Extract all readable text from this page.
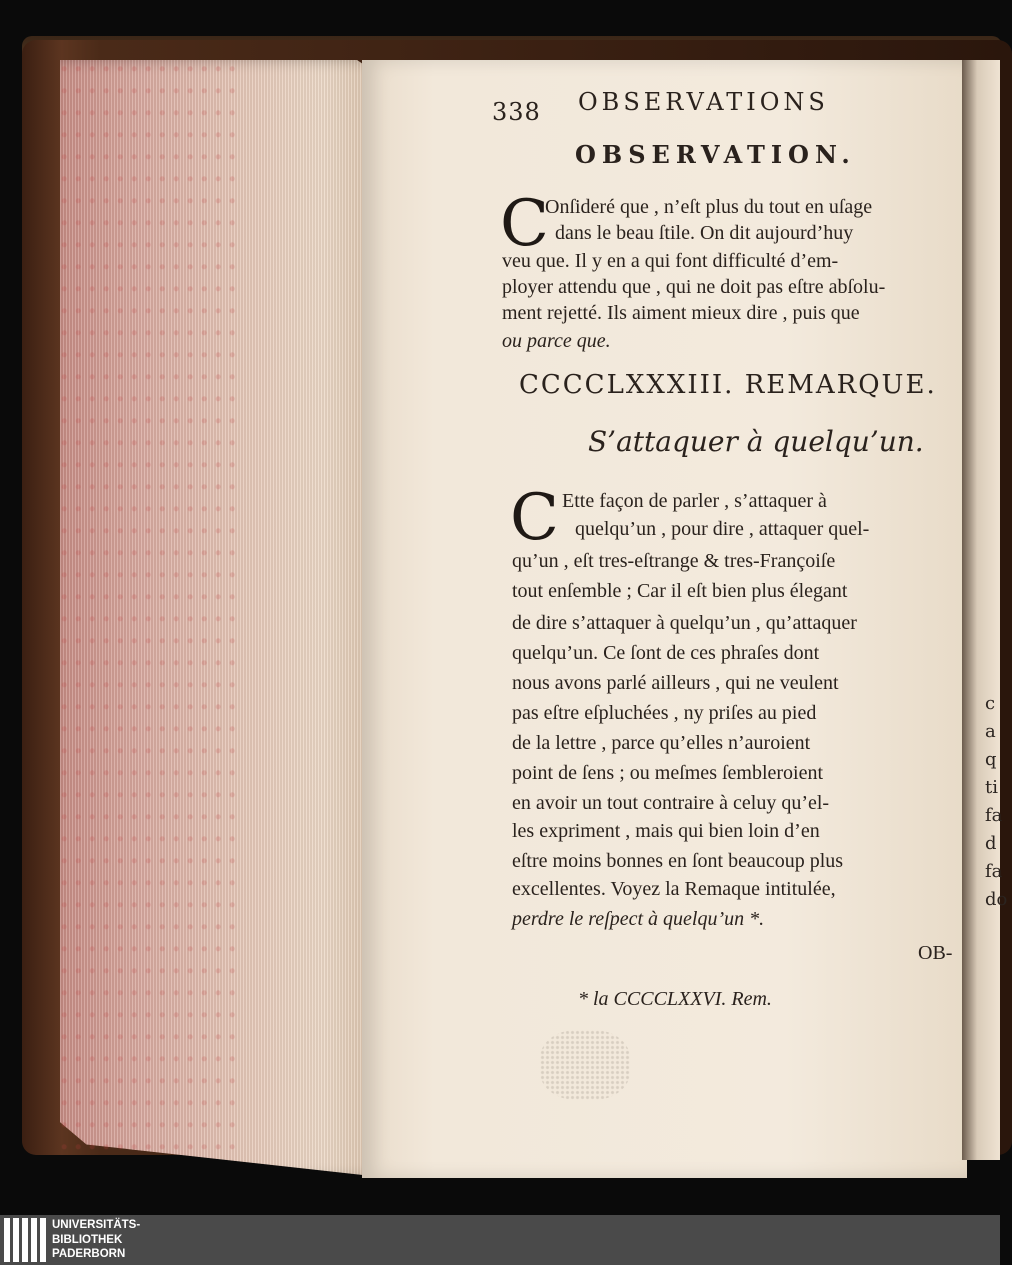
c
a
q
ti
fa
d
fa
do
338 OBSERVATIONS
OBSERVATION.
C
Onſideré que , n’eſt plus du tout en uſage
dans le beau ſtile. On dit aujourd’huy
veu que. Il y en a qui font difficulté d’em-
ployer attendu que , qui ne doit pas eſtre abſolu-
ment rejetté. Ils aiment mieux dire , puis que
ou parce que.
CCCCLXXXIII. REMARQUE.
S’attaquer à quelqu’un.
C Ette façon de parler , s’attaquer à
quelqu’un , pour dire , attaquer quel-
qu’un , eſt tres-eſtrange & tres-Françoiſe
tout enſemble ; Car il eſt bien plus élegant
de dire s’attaquer à quelqu’un , qu’attaquer
quelqu’un. Ce ſont de ces phraſes dont
nous avons parlé ailleurs , qui ne veulent
pas eſtre eſpluchées , ny priſes au pied
de la lettre , parce qu’elles n’auroient
point de ſens ; ou meſmes ſembleroient
en avoir un tout contraire à celuy qu’el-
les expriment , mais qui bien loin d’en
eſtre moins bonnes en ſont beaucoup plus
excellentes. Voyez la Remaque intitulée,
perdre le reſpect à quelqu’un *.
OB-
* la CCCCLXXVI. Rem.
UNIVERSITÄTS-
BIBLIOTHEK
PADERBORN
